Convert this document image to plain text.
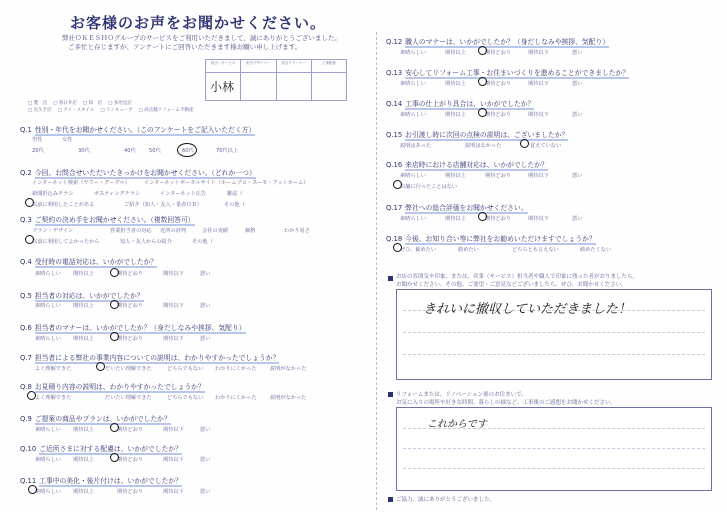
お客様のお声をお聞かせください。
弊社ＯＫＥＳＨＯグループのサービスをご利用いただきまして、誠にありがとうございました。
ご多忙と存じますが、アンケートにご回答いただきます様お願い申し上げます。
担当・サービス	担当デザイナー	担当プランナー	工事監督
小林
□ 製　店 □ 春日井店 □ 知　店 □ 多治見店
□ 長久手店 □ アイ・スタイル □ リノキューブ □ 高店舗リフォーム不動産
Q.1 性別・年代をお聞かせください。（このアンケートをご記入いただく方）
男性	女性
20代	30代	40代	50代	60代	70代以上
Q.2 今回、お問合せいただいたきっかけをお聞かせください。（どれか一つ）
インターネット検索（ヤフー・グーグル）	インターネットポータルサイト（ホームプロ・スーモ・アットホーム）
新聞折込みチラシ	ポスティングチラシ	インターネット広告	雑誌（
以前に利用したことがある	ご紹介（知人・友人・業者ＯＢ）	その他（
Q.3 ご契約の決め手をお聞かせください。（複数回答可）
プラン・デザイン	営業担当者の対応 近所の評判	会社の実績	価格	わかり易さ
以前に利用してよかったから	知人・友人からの紹介	その他（
Q.4 受付時の電話対応は、いかがでしたか？
素晴らしい 期待以上	期待どおり	期待以下	悪い
Q.5 担当者の対応は、いかがでしたか？
素晴らしい 期待以上	期待どおり	期待以下	悪い
Q.6 担当者のマナーは、いかがでしたか？（身だしなみや挨拶、気配り）
素晴らしい 期待以上	期待どおり	期待以下	悪い
Q.7 担当者による弊社の事業内容についての説明は、わかりやすかったでしょうか？
よく理解できた	だいたい理解できた	どちらでもない わかりにくかった	説明がなかった
Q.8 お見積り内容の説明は、わかりやすかったでしょうか？
よく理解できた	だいたい理解できた	どちらでもない わかりにくかった	説明がなかった
Q.9 ご提案の商品やプランは、いかがでしたか？
素晴らしい 期待以上	期待どおり	期待以下	悪い
Q.10 ご近所さまに対する配慮は、いかがでしたか？
素晴らしい 期待以上	期待どおり	期待以下	悪い
Q.11 工事中の美化・後片付けは、いかがでしたか？
素晴らしい 期待以上	期待どおり	期待以下	悪い
Q.12 職人のマナーは、いかがでしたか？（身だしなみや挨拶、気配り）
素晴らしい	期待以上	期待どおり	期待以下	悪い
Q.13 安心してリフォーム工事・お住まいづくりを進めることができましたか？
素晴らしい	期待以上	期待どおり	期待以下	悪い
Q.14 工事の仕上がり具合は、いかがでしたか？
素晴らしい	期待以上	期待どおり	期待以下	悪い
Q.15 お引渡し時に次回の点検の説明は、ございましたか？
説明はあった	説明はなかった	覚えていない
Q.16 来店時における店舗対応は、いかがでしたか？
素晴らしい	期待以上	期待どおり	期待以下	悪い
店舗に行ったことはない
Q.17 弊社への総合評価をお聞かせください。
素晴らしい	期待以上	期待どおり	期待以下	悪い
Q.18 今後、お知り合い等に弊社をお勧めいただけますでしょうか？
ぜひ、勧めたい	勧めたい	どちらとも言えない	勧めたくない
お店の雰囲気や印象、または、営業（サービス）担当者や職人で印象に残った者がおりましたら、
お聞かせください。その他、ご要望・ご意見などございましたら、ぜひ、お聞かせください。
きれいに撤収していただきました！
リフォームまたは、リノベーション後のお住まいで、
お気に入りの場所や好きな時間、暮らしの様など、工事後のご感想をお聞かせください。
これからです
ご協力、誠にありがとうございました。
